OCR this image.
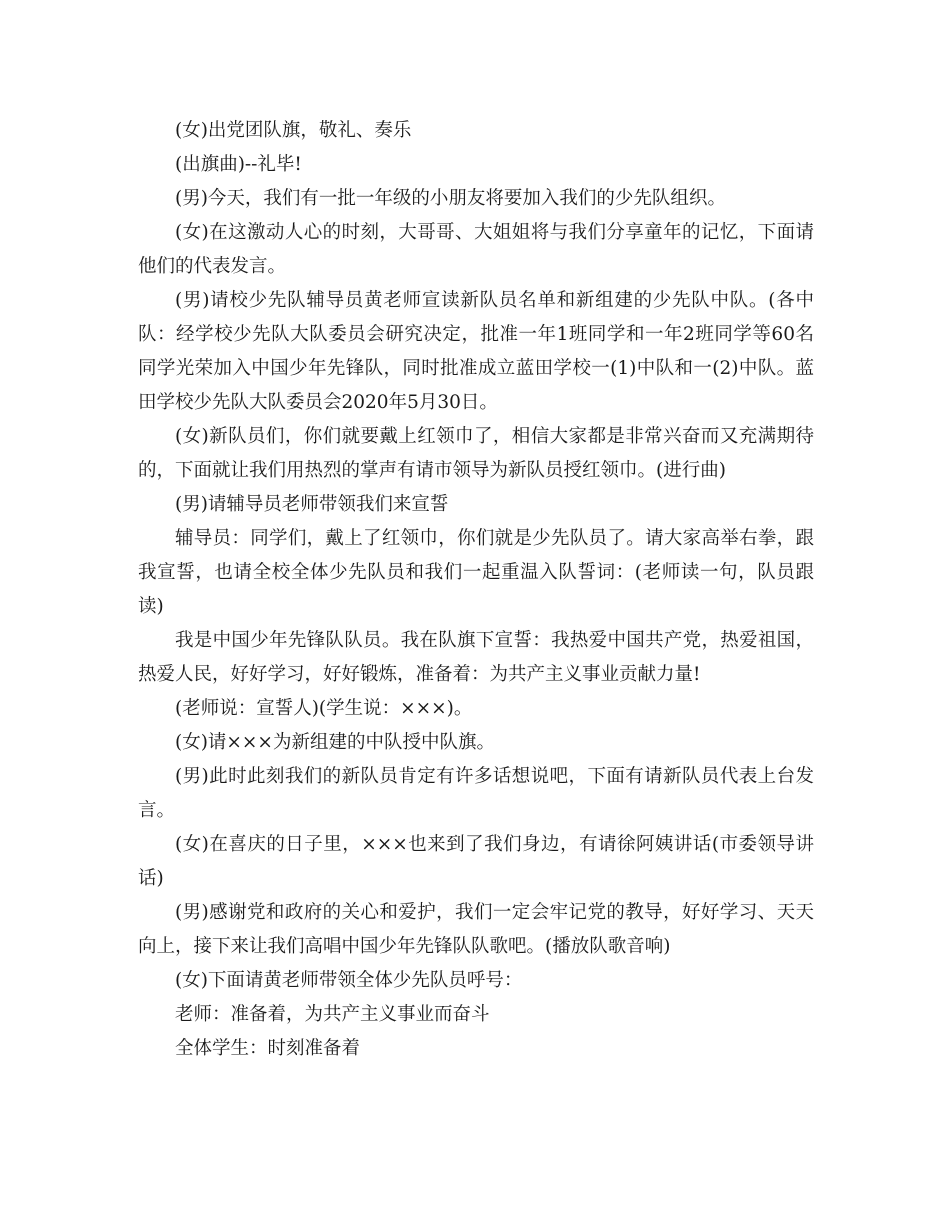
(女)出党团队旗，敬礼、奏乐

(出旗曲)--礼毕!

(男)今天，我们有一批一年级的小朋友将要加入我们的少先队组织。

(女)在这激动人心的时刻，大哥哥、大姐姐将与我们分享童年的记忆，下面请他们的代表发言。

(男)请校少先队辅导员黄老师宣读新队员名单和新组建的少先队中队。(各中队：经学校少先队大队委员会研究决定，批准一年1班同学和一年2班同学等60名同学光荣加入中国少年先锋队，同时批准成立蓝田学校一(1)中队和一(2)中队。蓝田学校少先队大队委员会2020年5月30日。

(女)新队员们，你们就要戴上红领巾了，相信大家都是非常兴奋而又充满期待的，下面就让我们用热烈的掌声有请市领导为新队员授红领巾。(进行曲)

(男)请辅导员老师带领我们来宣誓

辅导员：同学们，戴上了红领巾，你们就是少先队员了。请大家高举右拳，跟我宣誓，也请全校全体少先队员和我们一起重温入队誓词：(老师读一句，队员跟读)

我是中国少年先锋队队员。我在队旗下宣誓：我热爱中国共产党，热爱祖国，热爱人民，好好学习，好好锻炼，准备着：为共产主义事业贡献力量!

(老师说：宣誓人)(学生说：×××)。

(女)请×××为新组建的中队授中队旗。

(男)此时此刻我们的新队员肯定有许多话想说吧，下面有请新队员代表上台发言。

(女)在喜庆的日子里，×××也来到了我们身边，有请徐阿姨讲话(市委领导讲话)

(男)感谢党和政府的关心和爱护，我们一定会牢记党的教导，好好学习、天天向上，接下来让我们高唱中国少年先锋队队歌吧。(播放队歌音响)

(女)下面请黄老师带领全体少先队员呼号：

老师：准备着，为共产主义事业而奋斗

全体学生：时刻准备着
